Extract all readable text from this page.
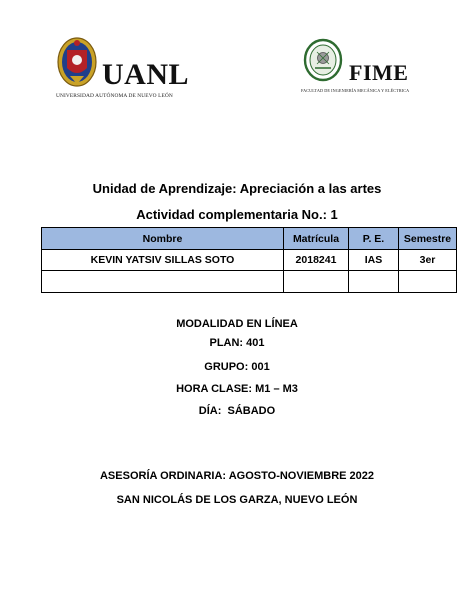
UANL
UNIVERSIDAD AUTÓNOMA DE NUEVO LEÓN
FIME
FACULTAD DE INGENIERÍA MECÁNICA Y ELÉCTRICA
Unidad de Aprendizaje: Apreciación a las artes
Actividad complementaria No.: 1
Nombre	Matrícula	P. E.	Semestre
KEVIN YATSIV SILLAS SOTO	2018241	IAS	3er

MODALIDAD EN LÍNEA
PLAN: 401
GRUPO: 001
HORA CLASE: M1 – M3
DÍA:  SÁBADO
ASESORÍA ORDINARIA: AGOSTO-NOVIEMBRE 2022
SAN NICOLÁS DE LOS GARZA, NUEVO LEÓN
